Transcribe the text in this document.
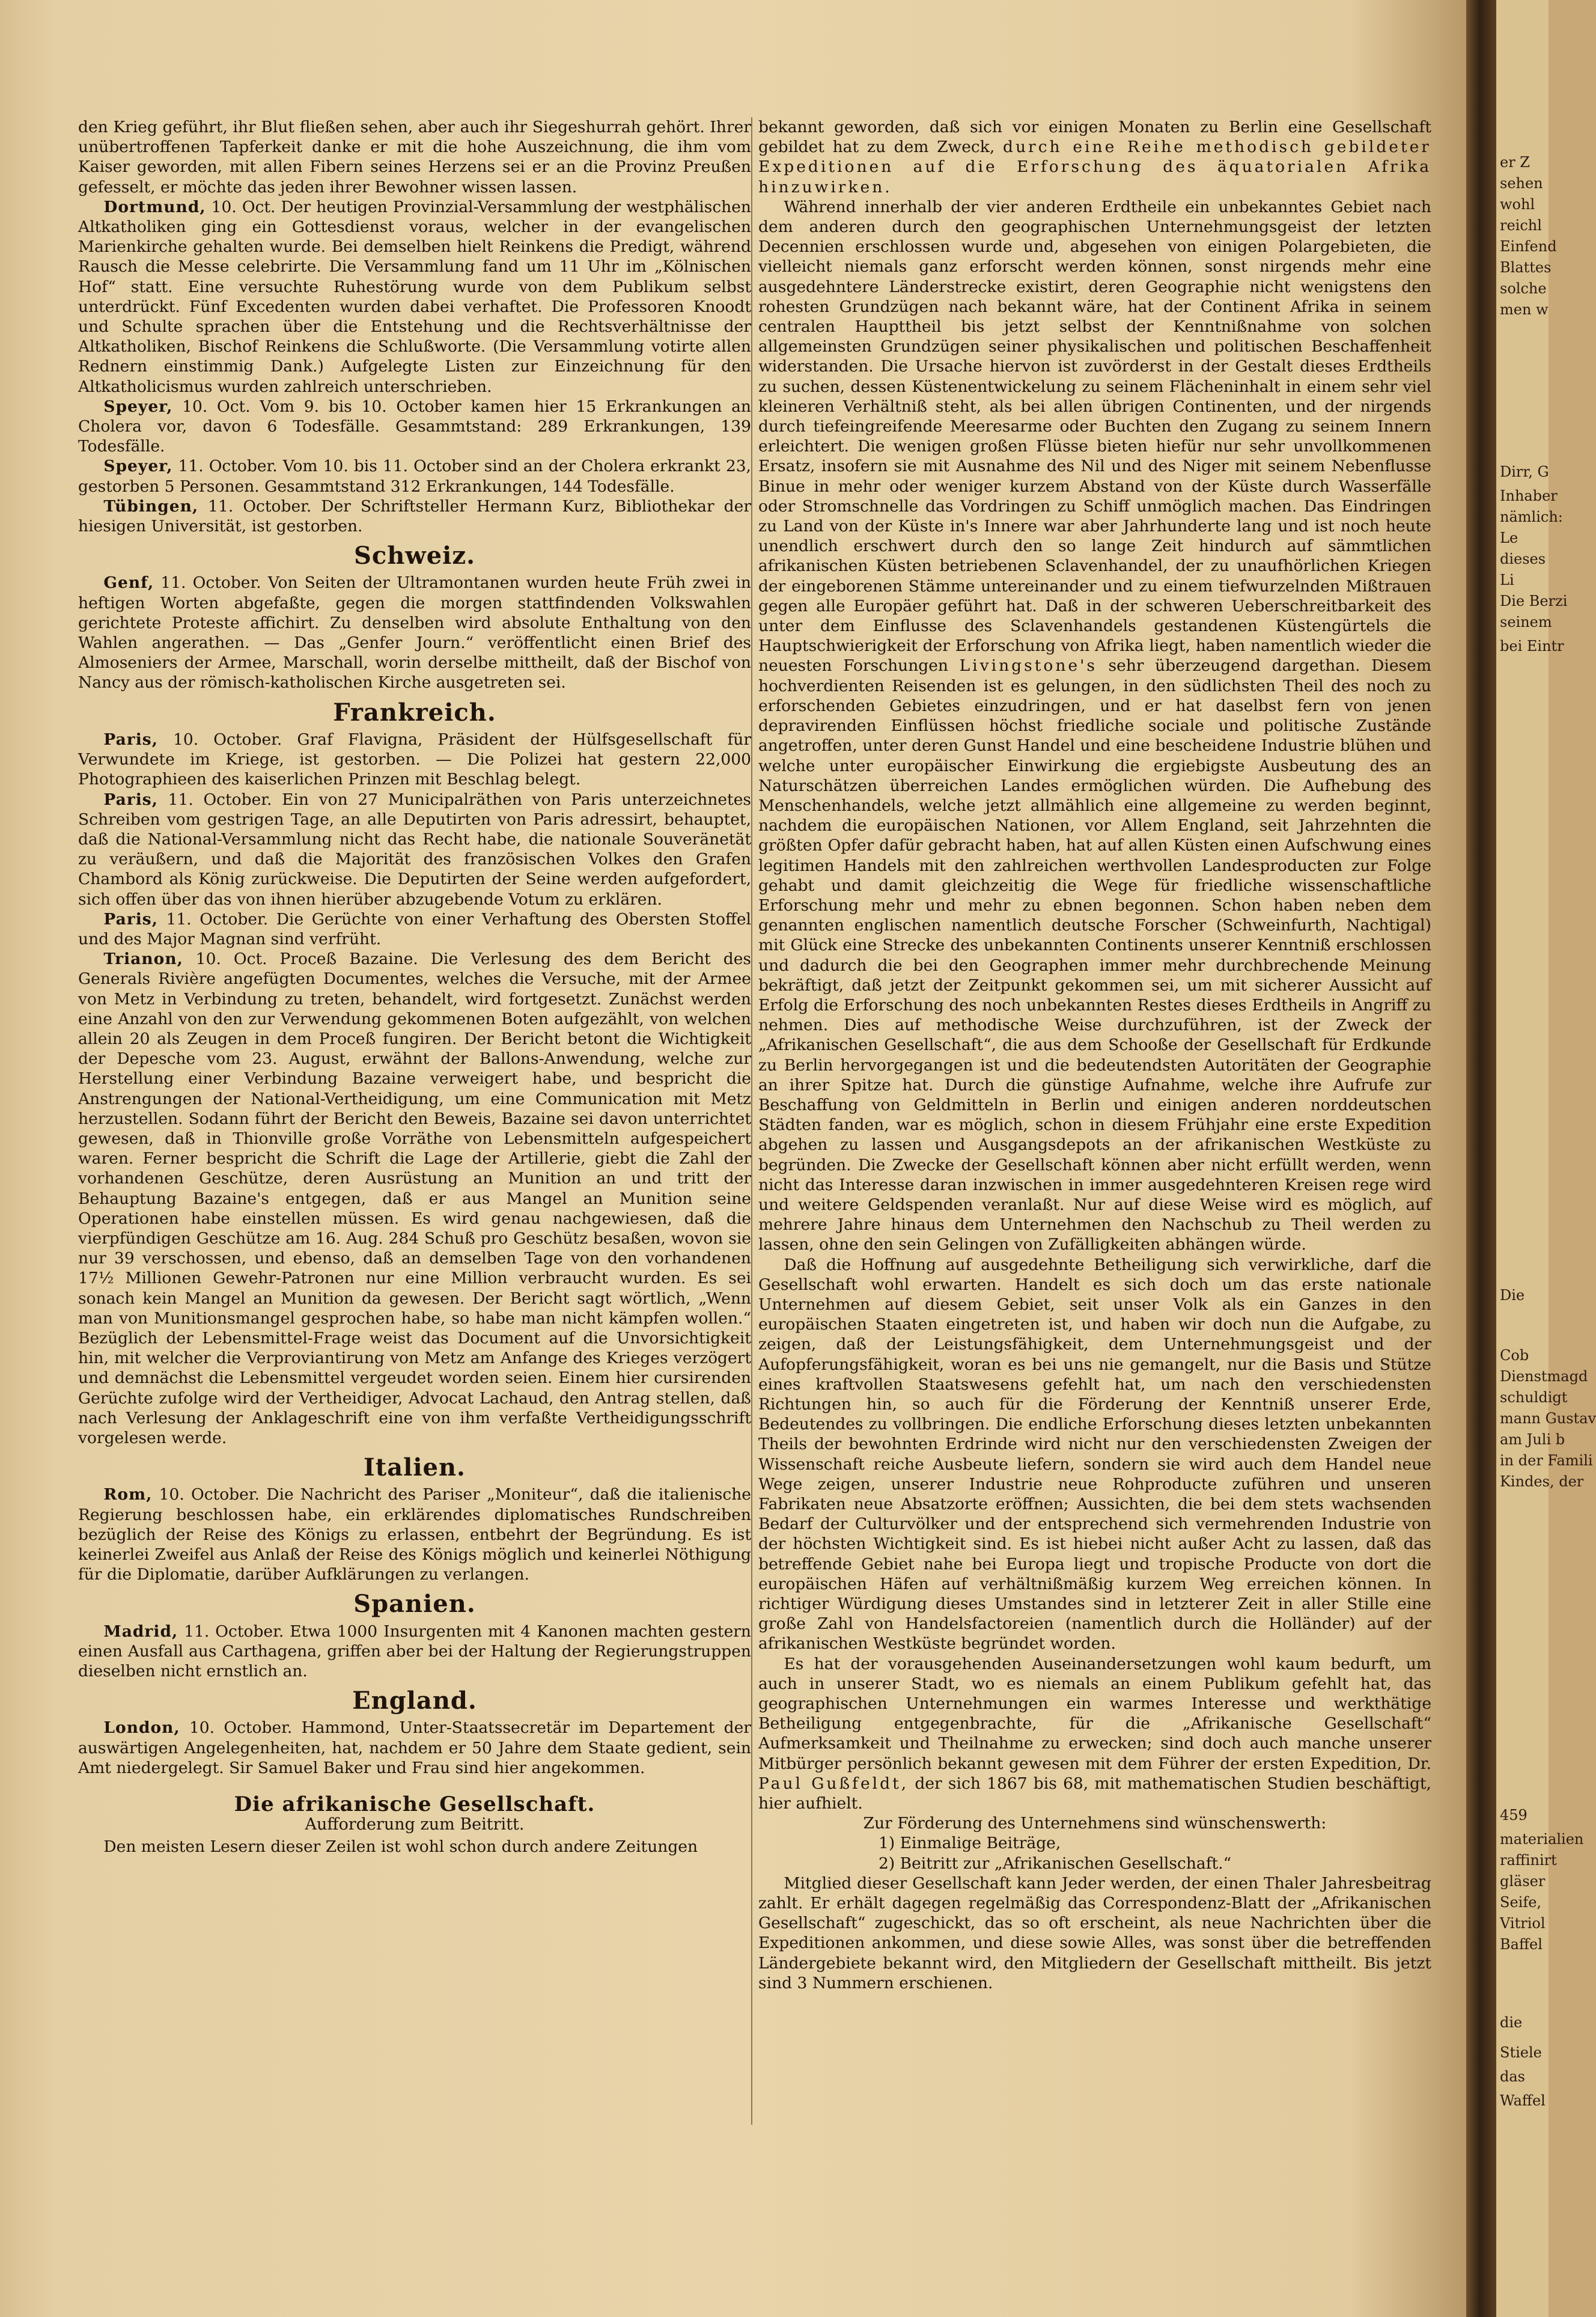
den Krieg geführt, ihr Blut fließen sehen, aber auch ihr Siegeshurrah gehört. Ihrer unübertroffenen Tapferkeit danke er mit die hohe Auszeichnung, die ihm vom Kaiser geworden, mit allen Fibern seines Herzens sei er an die Provinz Preußen gefesselt, er möchte das jeden ihrer Bewohner wissen lassen.

Dortmund, 10. Oct. Der heutigen Provinzial-Versammlung der westphälischen Altkatholiken ging ein Gottesdienst voraus, welcher in der evangelischen Marienkirche gehalten wurde. Bei demselben hielt Reinkens die Predigt, während Rausch die Messe celebrirte. Die Versammlung fand um 11 Uhr im „Kölnischen Hof“ statt. Eine versuchte Ruhestörung wurde von dem Publikum selbst unterdrückt. Fünf Excedenten wurden dabei verhaftet. Die Professoren Knoodt und Schulte sprachen über die Entstehung und die Rechtsverhältnisse der Altkatholiken, Bischof Reinkens die Schlußworte. (Die Versammlung votirte allen Rednern einstimmig Dank.) Aufgelegte Listen zur Einzeichnung für den Altkatholicismus wurden zahlreich unterschrieben.

Speyer, 10. Oct. Vom 9. bis 10. October kamen hier 15 Erkrankungen an Cholera vor, davon 6 Todesfälle. Gesammtstand: 289 Erkrankungen, 139 Todesfälle.

Speyer, 11. October. Vom 10. bis 11. October sind an der Cholera erkrankt 23, gestorben 5 Personen. Gesammtstand 312 Erkrankungen, 144 Todesfälle.

Tübingen, 11. October. Der Schriftsteller Hermann Kurz, Bibliothekar der hiesigen Universität, ist gestorben.

Schweiz.

Genf, 11. October. Von Seiten der Ultramontanen wurden heute Früh zwei in heftigen Worten abgefaßte, gegen die morgen stattfindenden Volkswahlen gerichtete Proteste affichirt. Zu denselben wird absolute Enthaltung von den Wahlen angerathen. — Das „Genfer Journ.“ veröffentlicht einen Brief des Almoseniers der Armee, Marschall, worin derselbe mittheilt, daß der Bischof von Nancy aus der römisch-katholischen Kirche ausgetreten sei.

Frankreich.

Paris, 10. October. Graf Flavigna, Präsident der Hülfsgesellschaft für Verwundete im Kriege, ist gestorben. — Die Polizei hat gestern 22,000 Photographieen des kaiserlichen Prinzen mit Beschlag belegt.

Paris, 11. October. Ein von 27 Municipalräthen von Paris unterzeichnetes Schreiben vom gestrigen Tage, an alle Deputirten von Paris adressirt, behauptet, daß die National-Versammlung nicht das Recht habe, die nationale Souveränetät zu veräußern, und daß die Majorität des französischen Volkes den Grafen Chambord als König zurückweise. Die Deputirten der Seine werden aufgefordert, sich offen über das von ihnen hierüber abzugebende Votum zu erklären.

Paris, 11. October. Die Gerüchte von einer Verhaftung des Obersten Stoffel und des Major Magnan sind verfrüht.

Trianon, 10. Oct. Proceß Bazaine. Die Verlesung des dem Bericht des Generals Rivière angefügten Documentes, welches die Versuche, mit der Armee von Metz in Verbindung zu treten, behandelt, wird fortgesetzt. Zunächst werden eine Anzahl von den zur Verwendung gekommenen Boten aufgezählt, von welchen allein 20 als Zeugen in dem Proceß fungiren. Der Bericht betont die Wichtigkeit der Depesche vom 23. August, erwähnt der Ballons-Anwendung, welche zur Herstellung einer Verbindung Bazaine verweigert habe, und bespricht die Anstrengungen der National-Vertheidigung, um eine Communication mit Metz herzustellen. Sodann führt der Bericht den Beweis, Bazaine sei davon unterrichtet gewesen, daß in Thionville große Vorräthe von Lebensmitteln aufgespeichert waren. Ferner bespricht die Schrift die Lage der Artillerie, giebt die Zahl der vorhandenen Geschütze, deren Ausrüstung an Munition an und tritt der Behauptung Bazaine's entgegen, daß er aus Mangel an Munition seine Operationen habe einstellen müssen. Es wird genau nachgewiesen, daß die vierpfündigen Geschütze am 16. Aug. 284 Schuß pro Geschütz besaßen, wovon sie nur 39 verschossen, und ebenso, daß an demselben Tage von den vorhandenen 17½ Millionen Gewehr-Patronen nur eine Million verbraucht wurden. Es sei sonach kein Mangel an Munition da gewesen. Der Bericht sagt wörtlich, „Wenn man von Munitionsmangel gesprochen habe, so habe man nicht kämpfen wollen.“ Bezüglich der Lebensmittel-Frage weist das Document auf die Unvorsichtigkeit hin, mit welcher die Verproviantirung von Metz am Anfange des Krieges verzögert und demnächst die Lebensmittel vergeudet worden seien. Einem hier cursirenden Gerüchte zufolge wird der Vertheidiger, Advocat Lachaud, den Antrag stellen, daß nach Verlesung der Anklageschrift eine von ihm verfaßte Vertheidigungsschrift vorgelesen werde.

Italien.

Rom, 10. October. Die Nachricht des Pariser „Moniteur“, daß die italienische Regierung beschlossen habe, ein erklärendes diplomatisches Rundschreiben bezüglich der Reise des Königs zu erlassen, entbehrt der Begründung. Es ist keinerlei Zweifel aus Anlaß der Reise des Königs möglich und keinerlei Nöthigung für die Diplomatie, darüber Aufklärungen zu verlangen.

Spanien.

Madrid, 11. October. Etwa 1000 Insurgenten mit 4 Kanonen machten gestern einen Ausfall aus Carthagena, griffen aber bei der Haltung der Regierungstruppen dieselben nicht ernstlich an.

England.

London, 10. October. Hammond, Unter-Staatssecretär im Departement der auswärtigen Angelegenheiten, hat, nachdem er 50 Jahre dem Staate gedient, sein Amt niedergelegt. Sir Samuel Baker und Frau sind hier angekommen.

Die afrikanische Gesellschaft.
Aufforderung zum Beitritt.

Den meisten Lesern dieser Zeilen ist wohl schon durch andere Zeitungen

bekannt geworden, daß sich vor einigen Monaten zu Berlin eine Gesellschaft gebildet hat zu dem Zweck, durch eine Reihe methodisch gebildeter Expeditionen auf die Erforschung des äquatorialen Afrika hinzuwirken.

Während innerhalb der vier anderen Erdtheile ein unbekanntes Gebiet nach dem anderen durch den geographischen Unternehmungsgeist der letzten Decennien erschlossen wurde und, abgesehen von einigen Polargebieten, die vielleicht niemals ganz erforscht werden können, sonst nirgends mehr eine ausgedehntere Länderstrecke existirt, deren Geographie nicht wenigstens den rohesten Grundzügen nach bekannt wäre, hat der Continent Afrika in seinem centralen Haupttheil bis jetzt selbst der Kenntnißnahme von solchen allgemeinsten Grundzügen seiner physikalischen und politischen Beschaffenheit widerstanden. Die Ursache hiervon ist zuvörderst in der Gestalt dieses Erdtheils zu suchen, dessen Küstenentwickelung zu seinem Flächeninhalt in einem sehr viel kleineren Verhältniß steht, als bei allen übrigen Continenten, und der nirgends durch tiefeingreifende Meeresarme oder Buchten den Zugang zu seinem Innern erleichtert. Die wenigen großen Flüsse bieten hiefür nur sehr unvollkommenen Ersatz, insofern sie mit Ausnahme des Nil und des Niger mit seinem Nebenflusse Binue in mehr oder weniger kurzem Abstand von der Küste durch Wasserfälle oder Stromschnelle das Vordringen zu Schiff unmöglich machen. Das Eindringen zu Land von der Küste in's Innere war aber Jahrhunderte lang und ist noch heute unendlich erschwert durch den so lange Zeit hindurch auf sämmtlichen afrikanischen Küsten betriebenen Sclavenhandel, der zu unaufhörlichen Kriegen der eingeborenen Stämme untereinander und zu einem tiefwurzelnden Mißtrauen gegen alle Europäer geführt hat. Daß in der schweren Ueberschreitbarkeit des unter dem Einflusse des Sclavenhandels gestandenen Küstengürtels die Hauptschwierigkeit der Erforschung von Afrika liegt, haben namentlich wieder die neuesten Forschungen Livingstone's sehr überzeugend dargethan. Diesem hochverdienten Reisenden ist es gelungen, in den südlichsten Theil des noch zu erforschenden Gebietes einzudringen, und er hat daselbst fern von jenen depravirenden Einflüssen höchst friedliche sociale und politische Zustände angetroffen, unter deren Gunst Handel und eine bescheidene Industrie blühen und welche unter europäischer Einwirkung die ergiebigste Ausbeutung des an Naturschätzen überreichen Landes ermöglichen würden. Die Aufhebung des Menschenhandels, welche jetzt allmählich eine allgemeine zu werden beginnt, nachdem die europäischen Nationen, vor Allem England, seit Jahrzehnten die größten Opfer dafür gebracht haben, hat auf allen Küsten einen Aufschwung eines legitimen Handels mit den zahlreichen werthvollen Landesproducten zur Folge gehabt und damit gleichzeitig die Wege für friedliche wissenschaftliche Erforschung mehr und mehr zu ebnen begonnen. Schon haben neben dem genannten englischen namentlich deutsche Forscher (Schweinfurth, Nachtigal) mit Glück eine Strecke des unbekannten Continents unserer Kenntniß erschlossen und dadurch die bei den Geographen immer mehr durchbrechende Meinung bekräftigt, daß jetzt der Zeitpunkt gekommen sei, um mit sicherer Aussicht auf Erfolg die Erforschung des noch unbekannten Restes dieses Erdtheils in Angriff zu nehmen. Dies auf methodische Weise durchzuführen, ist der Zweck der „Afrikanischen Gesellschaft“, die aus dem Schooße der Gesellschaft für Erdkunde zu Berlin hervorgegangen ist und die bedeutendsten Autoritäten der Geographie an ihrer Spitze hat. Durch die günstige Aufnahme, welche ihre Aufrufe zur Beschaffung von Geldmitteln in Berlin und einigen anderen norddeutschen Städten fanden, war es möglich, schon in diesem Frühjahr eine erste Expedition abgehen zu lassen und Ausgangsdepots an der afrikanischen Westküste zu begründen. Die Zwecke der Gesellschaft können aber nicht erfüllt werden, wenn nicht das Interesse daran inzwischen in immer ausgedehnteren Kreisen rege wird und weitere Geldspenden veranlaßt. Nur auf diese Weise wird es möglich, auf mehrere Jahre hinaus dem Unternehmen den Nachschub zu Theil werden zu lassen, ohne den sein Gelingen von Zufälligkeiten abhängen würde.

Daß die Hoffnung auf ausgedehnte Betheiligung sich verwirkliche, darf die Gesellschaft wohl erwarten. Handelt es sich doch um das erste nationale Unternehmen auf diesem Gebiet, seit unser Volk als ein Ganzes in den europäischen Staaten eingetreten ist, und haben wir doch nun die Aufgabe, zu zeigen, daß der Leistungsfähigkeit, dem Unternehmungsgeist und der Aufopferungsfähigkeit, woran es bei uns nie gemangelt, nur die Basis und Stütze eines kraftvollen Staatswesens gefehlt hat, um nach den verschiedensten Richtungen hin, so auch für die Förderung der Kenntniß unserer Erde, Bedeutendes zu vollbringen. Die endliche Erforschung dieses letzten unbekannten Theils der bewohnten Erdrinde wird nicht nur den verschiedensten Zweigen der Wissenschaft reiche Ausbeute liefern, sondern sie wird auch dem Handel neue Wege zeigen, unserer Industrie neue Rohproducte zuführen und unseren Fabrikaten neue Absatzorte eröffnen; Aussichten, die bei dem stets wachsenden Bedarf der Culturvölker und der entsprechend sich vermehrenden Industrie von der höchsten Wichtigkeit sind. Es ist hiebei nicht außer Acht zu lassen, daß das betreffende Gebiet nahe bei Europa liegt und tropische Producte von dort die europäischen Häfen auf verhältnißmäßig kurzem Weg erreichen können. In richtiger Würdigung dieses Umstandes sind in letzterer Zeit in aller Stille eine große Zahl von Handelsfactoreien (namentlich durch die Holländer) auf der afrikanischen Westküste begründet worden.

Es hat der vorausgehenden Auseinandersetzungen wohl kaum bedurft, um auch in unserer Stadt, wo es niemals an einem Publikum gefehlt hat, das geographischen Unternehmungen ein warmes Interesse und werkthätige Betheiligung entgegenbrachte, für die „Afrikanische Gesellschaft“ Aufmerksamkeit und Theilnahme zu erwecken; sind doch auch manche unserer Mitbürger persönlich bekannt gewesen mit dem Führer der ersten Expedition, Dr. Paul Gußfeldt, der sich 1867 bis 68, mit mathematischen Studien beschäftigt, hier aufhielt.

Zur Förderung des Unternehmens sind wünschenswerth:

1) Einmalige Beiträge,

2) Beitritt zur „Afrikanischen Gesellschaft.“

Mitglied dieser Gesellschaft kann Jeder werden, der einen Thaler Jahresbeitrag zahlt. Er erhält dagegen regelmäßig das Correspondenz-Blatt der „Afrikanischen Gesellschaft“ zugeschickt, das so oft erscheint, als neue Nachrichten über die Expeditionen ankommen, und diese sowie Alles, was sonst über die betreffenden Ländergebiete bekannt wird, den Mitgliedern der Gesellschaft mittheilt. Bis jetzt sind 3 Nummern erschienen.

er Z
sehen
wohl
reichl
Einfend
Blattes
solche
men w
Dirr, G
Inhaber
nämlich:
Le
dieses
Li
Die Berzi
seinem
bei Eintr
Die
Cob
Dienstmagd
schuldigt
mann Gustav
am Juli b
in der Famili
Kindes, der
459
materialien
raffinirt
gläser
Seife,
Vitriol
Baffel
Stiele
das
Waffel
die
